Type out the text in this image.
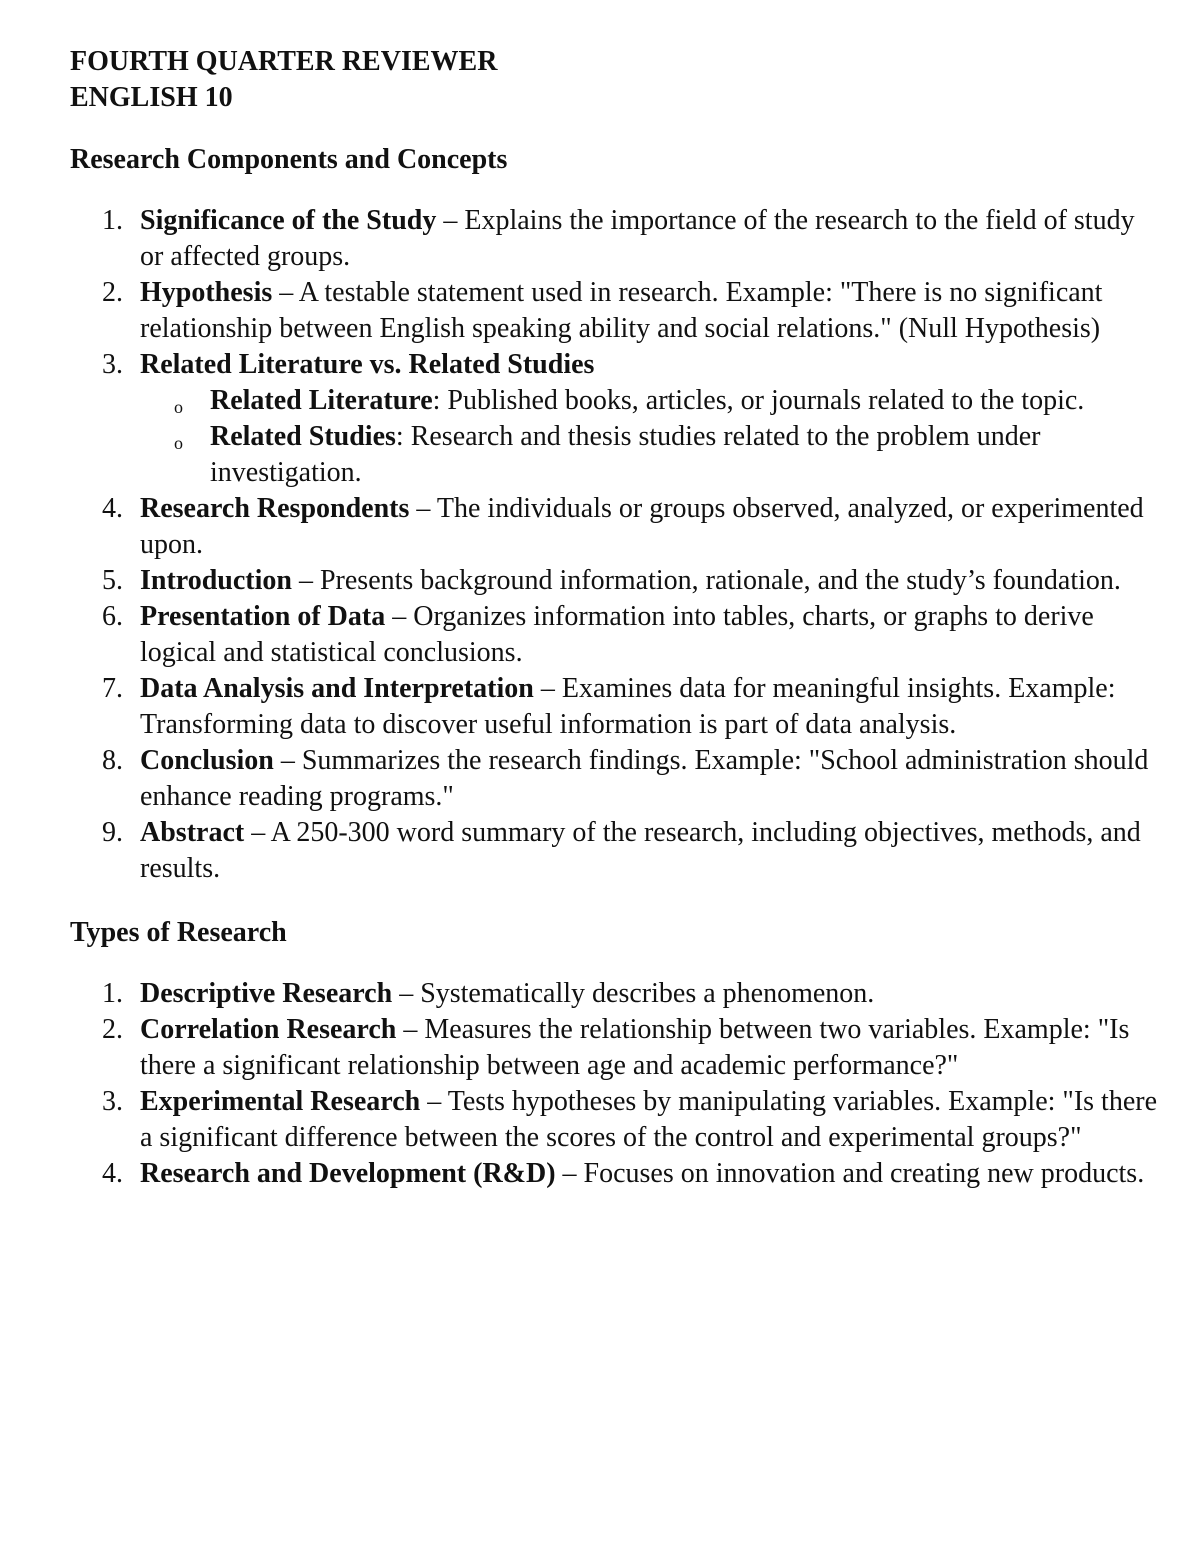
FOURTH QUARTER REVIEWER
ENGLISH 10
Research Components and Concepts
1. Significance of the Study – Explains the importance of the research to the field of study or affected groups.
2. Hypothesis – A testable statement used in research. Example: "There is no significant relationship between English speaking ability and social relations." (Null Hypothesis)
3. Related Literature vs. Related Studies
o Related Literature: Published books, articles, or journals related to the topic.
o Related Studies: Research and thesis studies related to the problem under investigation.
4. Research Respondents – The individuals or groups observed, analyzed, or experimented upon.
5. Introduction – Presents background information, rationale, and the study’s foundation.
6. Presentation of Data – Organizes information into tables, charts, or graphs to derive logical and statistical conclusions.
7. Data Analysis and Interpretation – Examines data for meaningful insights. Example: Transforming data to discover useful information is part of data analysis.
8. Conclusion – Summarizes the research findings. Example: "School administration should enhance reading programs."
9. Abstract – A 250-300 word summary of the research, including objectives, methods, and results.
Types of Research
1. Descriptive Research – Systematically describes a phenomenon.
2. Correlation Research – Measures the relationship between two variables. Example: "Is there a significant relationship between age and academic performance?"
3. Experimental Research – Tests hypotheses by manipulating variables. Example: "Is there a significant difference between the scores of the control and experimental groups?"
4. Research and Development (R&D) – Focuses on innovation and creating new products.
